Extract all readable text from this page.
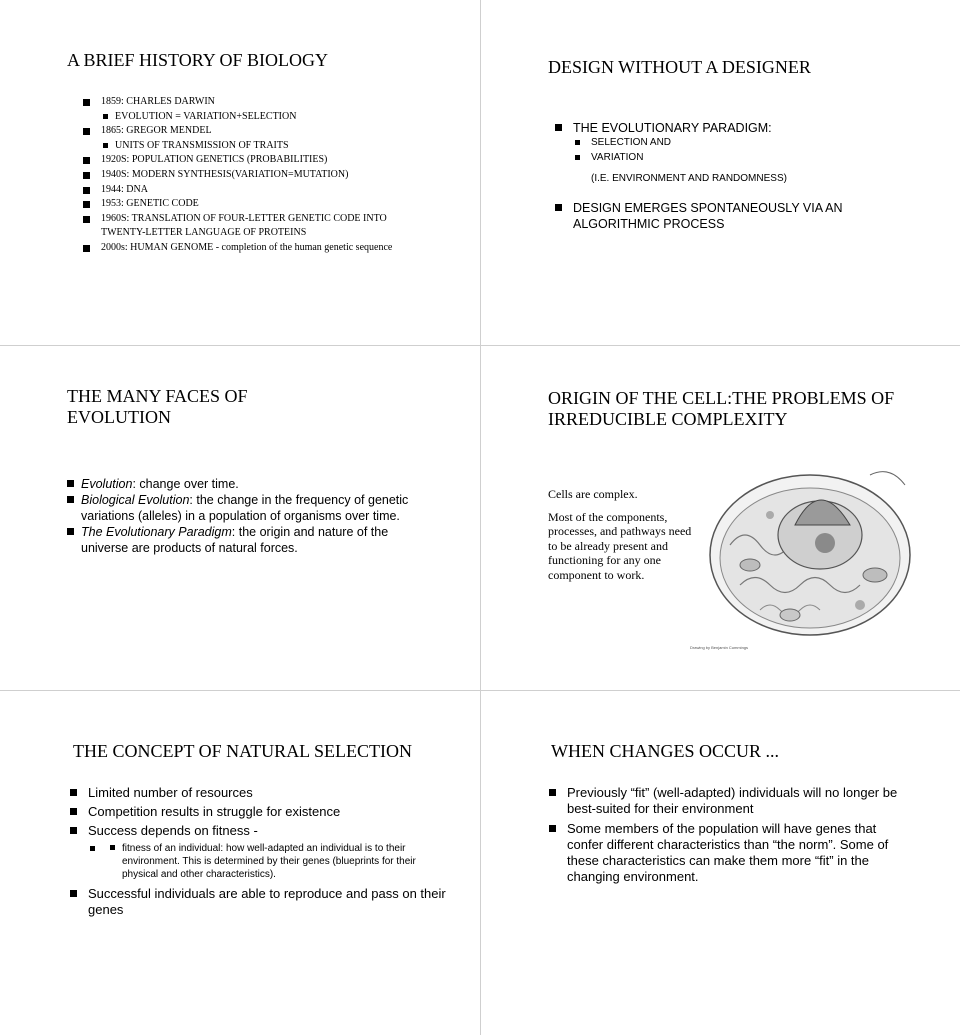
A BRIEF HISTORY OF BIOLOGY
1859: CHARLES DARWIN
EVOLUTION = VARIATION+SELECTION
1865: GREGOR MENDEL
UNITS OF TRANSMISSION OF TRAITS
1920S: POPULATION GENETICS (PROBABILITIES)
1940S: MODERN SYNTHESIS(VARIATION=MUTATION)
1944: DNA
1953: GENETIC CODE
1960S: TRANSLATION OF FOUR-LETTER GENETIC CODE INTO
TWENTY-LETTER LANGUAGE OF PROTEINS
2000s: HUMAN GENOME - completion of the human genetic sequence
DESIGN WITHOUT A DESIGNER
THE EVOLUTIONARY PARADIGM:
SELECTION AND
VARIATION
(I.E. ENVIRONMENT AND RANDOMNESS)
DESIGN EMERGES SPONTANEOUSLY VIA AN
ALGORITHMIC PROCESS
THE MANY FACES OF
EVOLUTION
Evolution: change over time.
Biological Evolution: the change in the frequency of genetic variations (alleles) in a population of organisms over time.
The Evolutionary Paradigm: the origin and nature of the universe are products of natural forces.
ORIGIN OF THE CELL:THE PROBLEMS OF
IRREDUCIBLE COMPLEXITY
Cells are complex.
Most of the components, processes, and pathways need to be already present and functioning for any one component to work.
Drawing by Benjamin Cummings
THE CONCEPT OF NATURAL SELECTION
Limited number of resources
Competition results in struggle for existence
Success depends on fitness -
fitness of an individual: how well-adapted an individual is to their environment. This is determined by their genes (blueprints for their physical and other characteristics).
Successful individuals are able to reproduce and pass on their genes
WHEN CHANGES OCCUR ...
Previously “fit” (well-adapted) individuals will no longer be best-suited for their environment
Some members of the population will have genes that confer different characteristics than “the norm”. Some of these characteristics can make them more “fit” in the changing environment.
